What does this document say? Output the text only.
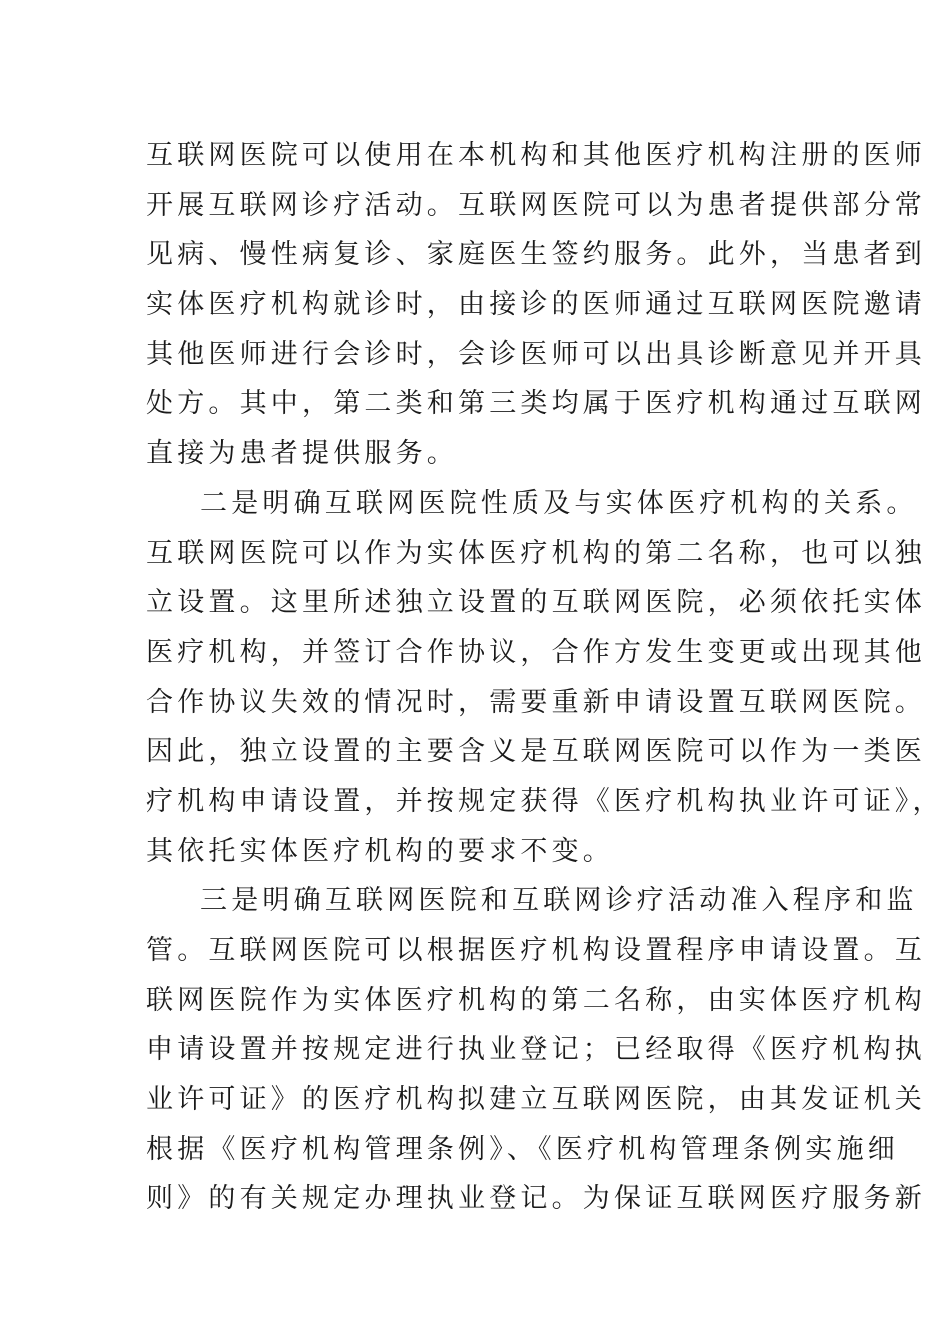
互联网医院可以使用在本机构和其他医疗机构注册的医师
开展互联网诊疗活动。互联网医院可以为患者提供部分常
见病、慢性病复诊、家庭医生签约服务。此外，当患者到
实体医疗机构就诊时，由接诊的医师通过互联网医院邀请
其他医师进行会诊时，会诊医师可以出具诊断意见并开具
处方。其中，第二类和第三类均属于医疗机构通过互联网
直接为患者提供服务。
二是明确互联网医院性质及与实体医疗机构的关系。
互联网医院可以作为实体医疗机构的第二名称，也可以独
立设置。这里所述独立设置的互联网医院，必须依托实体
医疗机构，并签订合作协议，合作方发生变更或出现其他
合作协议失效的情况时，需要重新申请设置互联网医院。
因此，独立设置的主要含义是互联网医院可以作为一类医
疗机构申请设置，并按规定获得《医疗机构执业许可证》，
其依托实体医疗机构的要求不变。
三是明确互联网医院和互联网诊疗活动准入程序和监
管。互联网医院可以根据医疗机构设置程序申请设置。互
联网医院作为实体医疗机构的第二名称，由实体医疗机构
申请设置并按规定进行执业登记；已经取得《医疗机构执
业许可证》的医疗机构拟建立互联网医院，由其发证机关
根据《医疗机构管理条例》、《医疗机构管理条例实施细
则》的有关规定办理执业登记。为保证互联网医疗服务新
